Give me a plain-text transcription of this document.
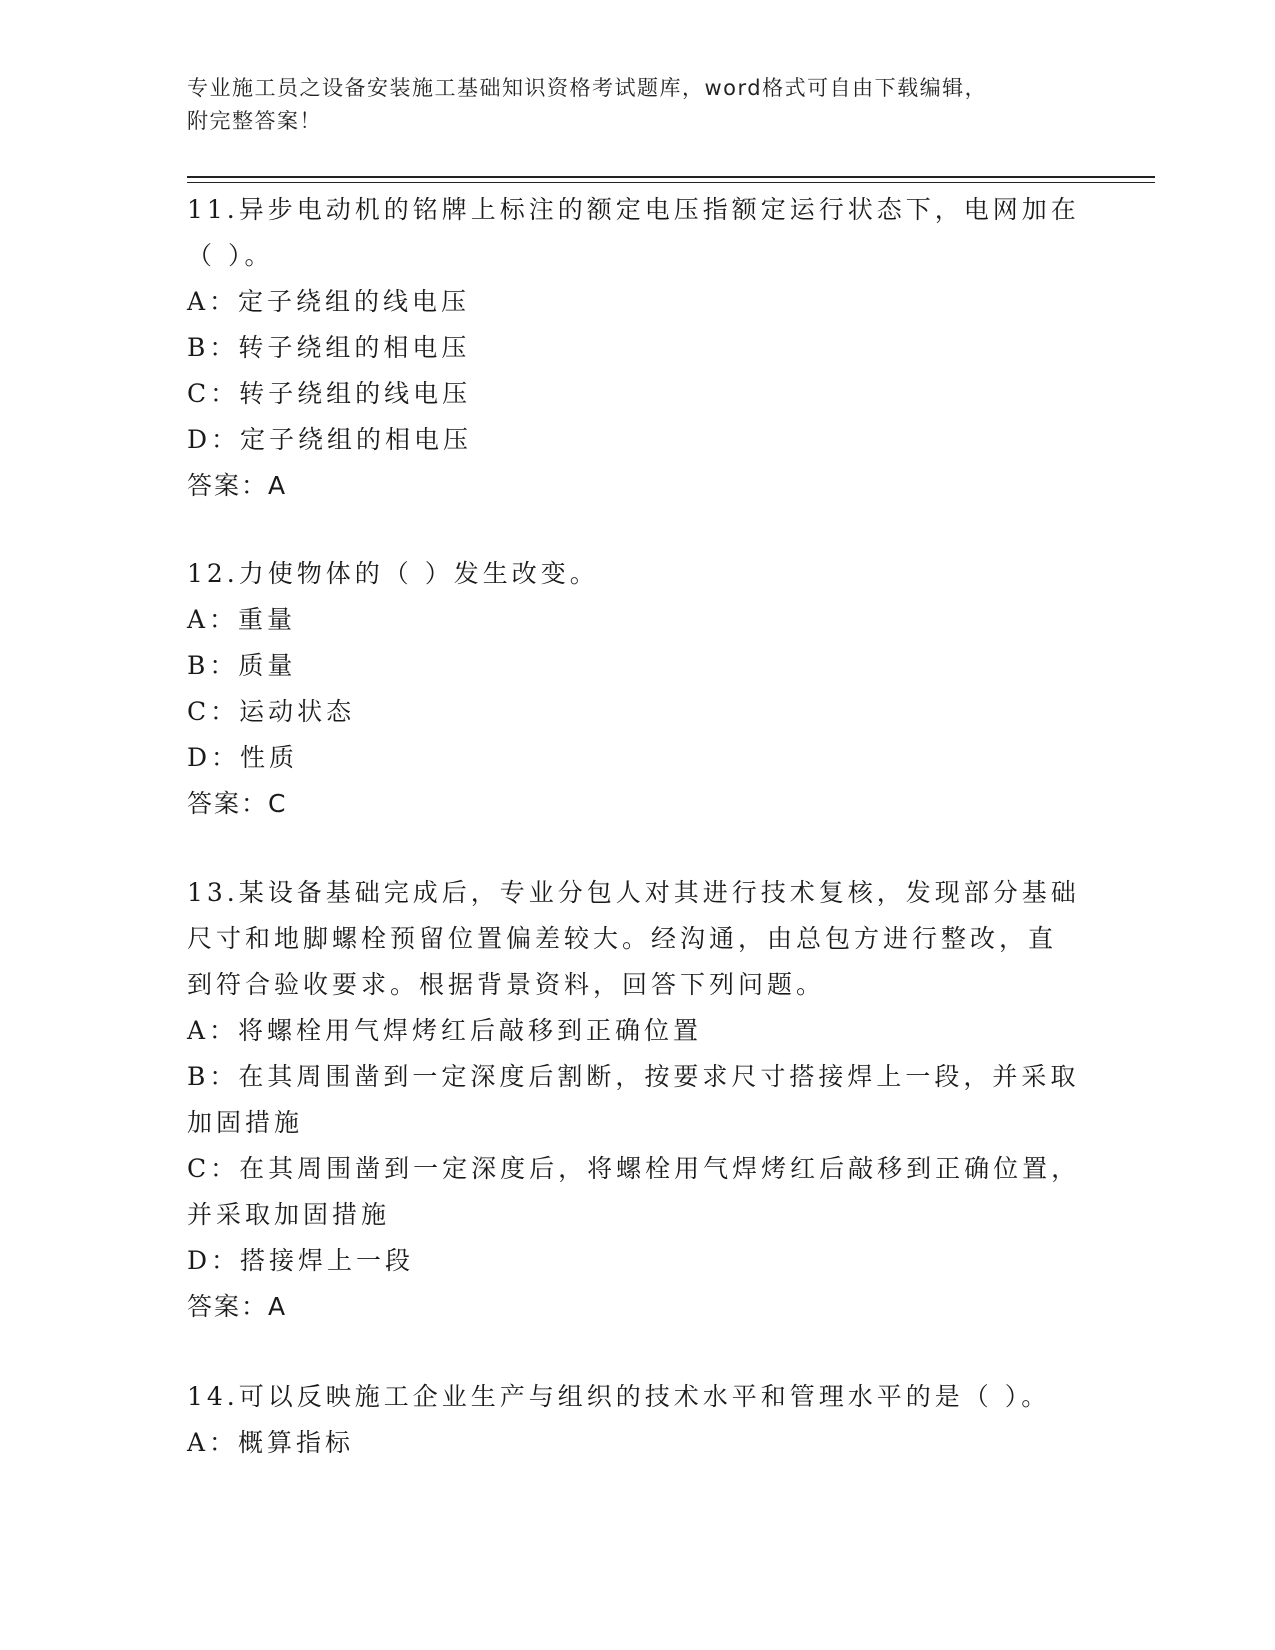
专业施工员之设备安装施工基础知识资格考试题库，word格式可自由下载编辑，
附完整答案！
11.异步电动机的铭牌上标注的额定电压指额定运行状态下，电网加在
（ ）。
A：定子绕组的线电压
B：转子绕组的相电压
C：转子绕组的线电压
D：定子绕组的相电压
答案：A
12.力使物体的（ ）发生改变。
A：重量
B：质量
C：运动状态
D：性质
答案：C
13.某设备基础完成后，专业分包人对其进行技术复核，发现部分基础
尺寸和地脚螺栓预留位置偏差较大。经沟通，由总包方进行整改，直
到符合验收要求。根据背景资料，回答下列问题。
A：将螺栓用气焊烤红后敲移到正确位置
B：在其周围凿到一定深度后割断，按要求尺寸搭接焊上一段，并采取
加固措施
C：在其周围凿到一定深度后，将螺栓用气焊烤红后敲移到正确位置，
并采取加固措施
D：搭接焊上一段
答案：A
14.可以反映施工企业生产与组织的技术水平和管理水平的是（ ）。
A：概算指标
